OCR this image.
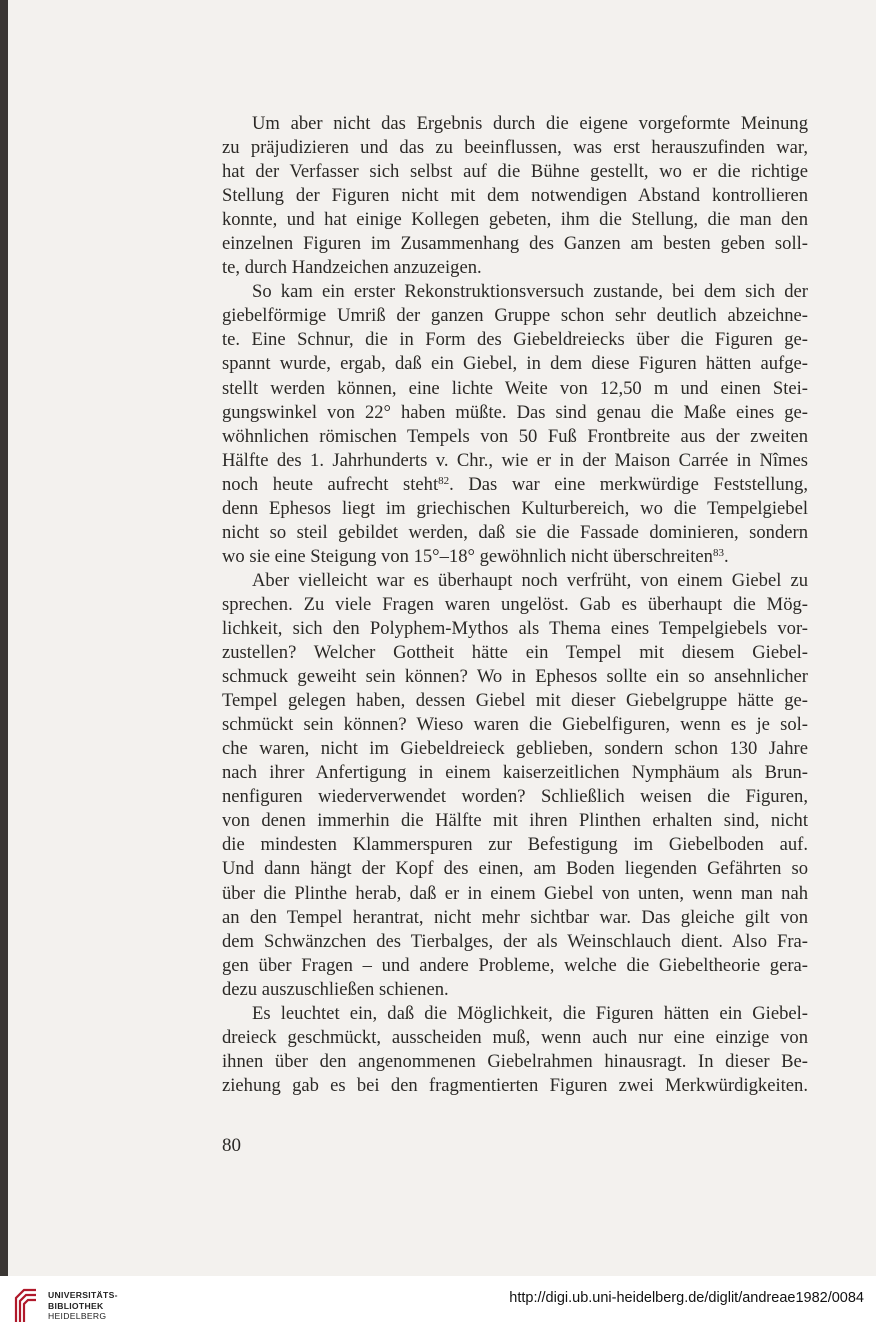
Um aber nicht das Ergebnis durch die eigene vorgeformte Meinung
zu präjudizieren und das zu beeinflussen, was erst herauszufinden war,
hat der Verfasser sich selbst auf die Bühne gestellt, wo er die richtige
Stellung der Figuren nicht mit dem notwendigen Abstand kontrollieren
konnte, und hat einige Kollegen gebeten, ihm die Stellung, die man den
einzelnen Figuren im Zusammenhang des Ganzen am besten geben soll-
te, durch Handzeichen anzuzeigen.
So kam ein erster Rekonstruktionsversuch zustande, bei dem sich der
giebelförmige Umriß der ganzen Gruppe schon sehr deutlich abzeichne-
te. Eine Schnur, die in Form des Giebeldreiecks über die Figuren ge-
spannt wurde, ergab, daß ein Giebel, in dem diese Figuren hätten aufge-
stellt werden können, eine lichte Weite von 12,50 m und einen Stei-
gungswinkel von 22° haben müßte. Das sind genau die Maße eines ge-
wöhnlichen römischen Tempels von 50 Fuß Frontbreite aus der zweiten
Hälfte des 1. Jahrhunderts v. Chr., wie er in der Maison Carrée in Nîmes
noch heute aufrecht steht$^{82}$. Das war eine merkwürdige Feststellung,
denn Ephesos liegt im griechischen Kulturbereich, wo die Tempelgiebel
nicht so steil gebildet werden, daß sie die Fassade dominieren, sondern
wo sie eine Steigung von 15°–18° gewöhnlich nicht überschreiten$^{83}$.
Aber vielleicht war es überhaupt noch verfrüht, von einem Giebel zu
sprechen. Zu viele Fragen waren ungelöst. Gab es überhaupt die Mög-
lichkeit, sich den Polyphem-Mythos als Thema eines Tempelgiebels vor-
zustellen? Welcher Gottheit hätte ein Tempel mit diesem Giebel-
schmuck geweiht sein können? Wo in Ephesos sollte ein so ansehnlicher
Tempel gelegen haben, dessen Giebel mit dieser Giebelgruppe hätte ge-
schmückt sein können? Wieso waren die Giebelfiguren, wenn es je sol-
che waren, nicht im Giebeldreieck geblieben, sondern schon 130 Jahre
nach ihrer Anfertigung in einem kaiserzeitlichen Nymphäum als Brun-
nenfiguren wiederverwendet worden? Schließlich weisen die Figuren,
von denen immerhin die Hälfte mit ihren Plinthen erhalten sind, nicht
die mindesten Klammerspuren zur Befestigung im Giebelboden auf.
Und dann hängt der Kopf des einen, am Boden liegenden Gefährten so
über die Plinthe herab, daß er in einem Giebel von unten, wenn man nah
an den Tempel herantrat, nicht mehr sichtbar war. Das gleiche gilt von
dem Schwänzchen des Tierbalges, der als Weinschlauch dient. Also Fra-
gen über Fragen – und andere Probleme, welche die Giebeltheorie gera-
dezu auszuschließen schienen.
Es leuchtet ein, daß die Möglichkeit, die Figuren hätten ein Giebel-
dreieck geschmückt, ausscheiden muß, wenn auch nur eine einzige von
ihnen über den angenommenen Giebelrahmen hinausragt. In dieser Be-
ziehung gab es bei den fragmentierten Figuren zwei Merkwürdigkeiten.
80
UNIVERSITÄTS-
BIBLIOTHEK
HEIDELBERG
http://digi.ub.uni-heidelberg.de/diglit/andreae1982/0084
